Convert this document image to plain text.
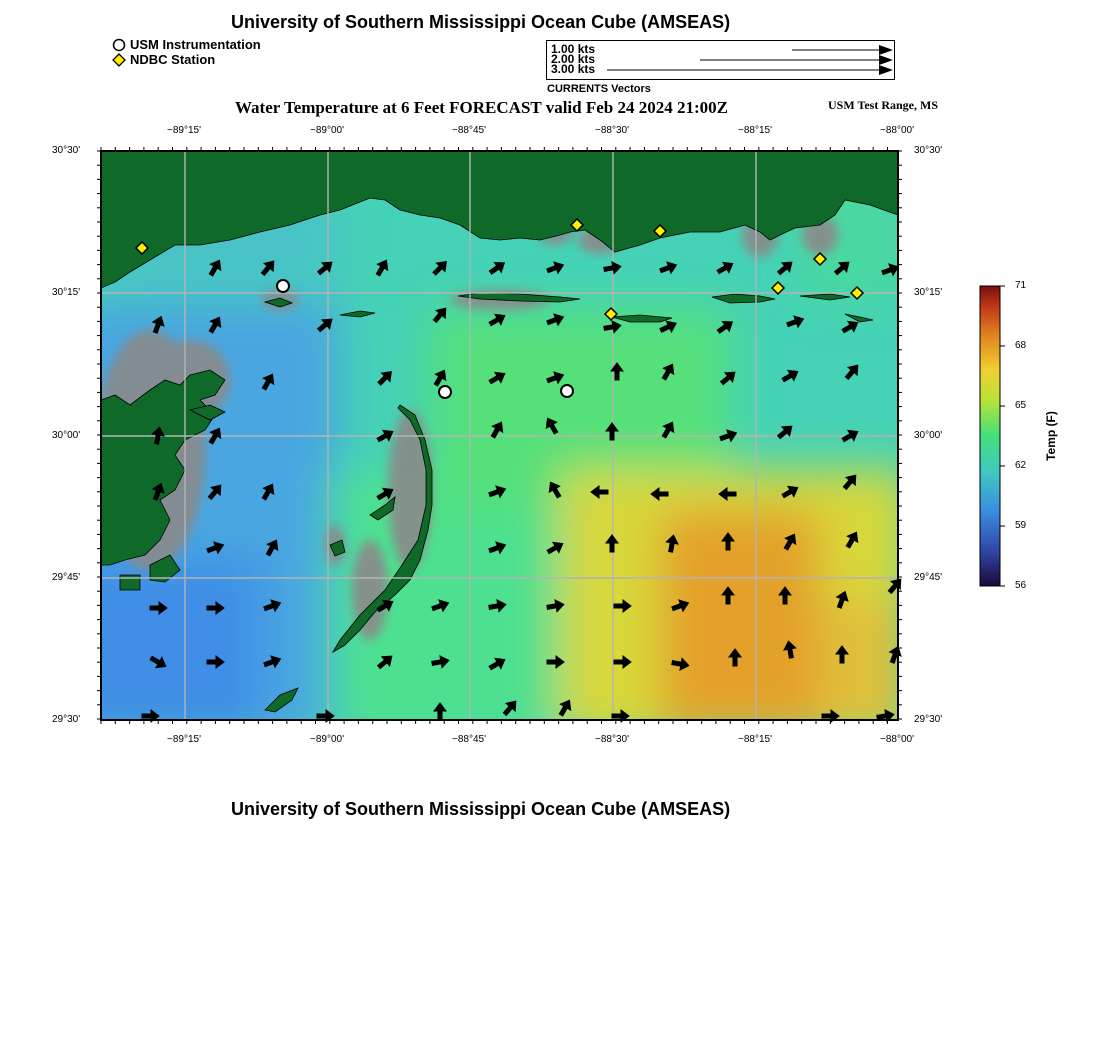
University of Southern Mississippi Ocean Cube (AMSEAS)
USM Instrumentation
NDBC Station
1.00 kts
2.00 kts
3.00 kts
CURRENTS Vectors
Water Temperature at 6 Feet FORECAST valid Feb 24 2024 21:00Z	USM Test Range, MS
−89°15'	−89°00'	−88°45'	−88°30'	−88°15'	−88°00'
−89°15'	−89°00'	−88°45'	−88°30'	−88°15'	−88°00'
30°30'
30°15'
30°00'
29°45'
29°30'
30°30'
30°15'
30°00'
29°45'
29°30'
71
68
65
62
59
56
Temp (F)
University of Southern Mississippi Ocean Cube (AMSEAS)
